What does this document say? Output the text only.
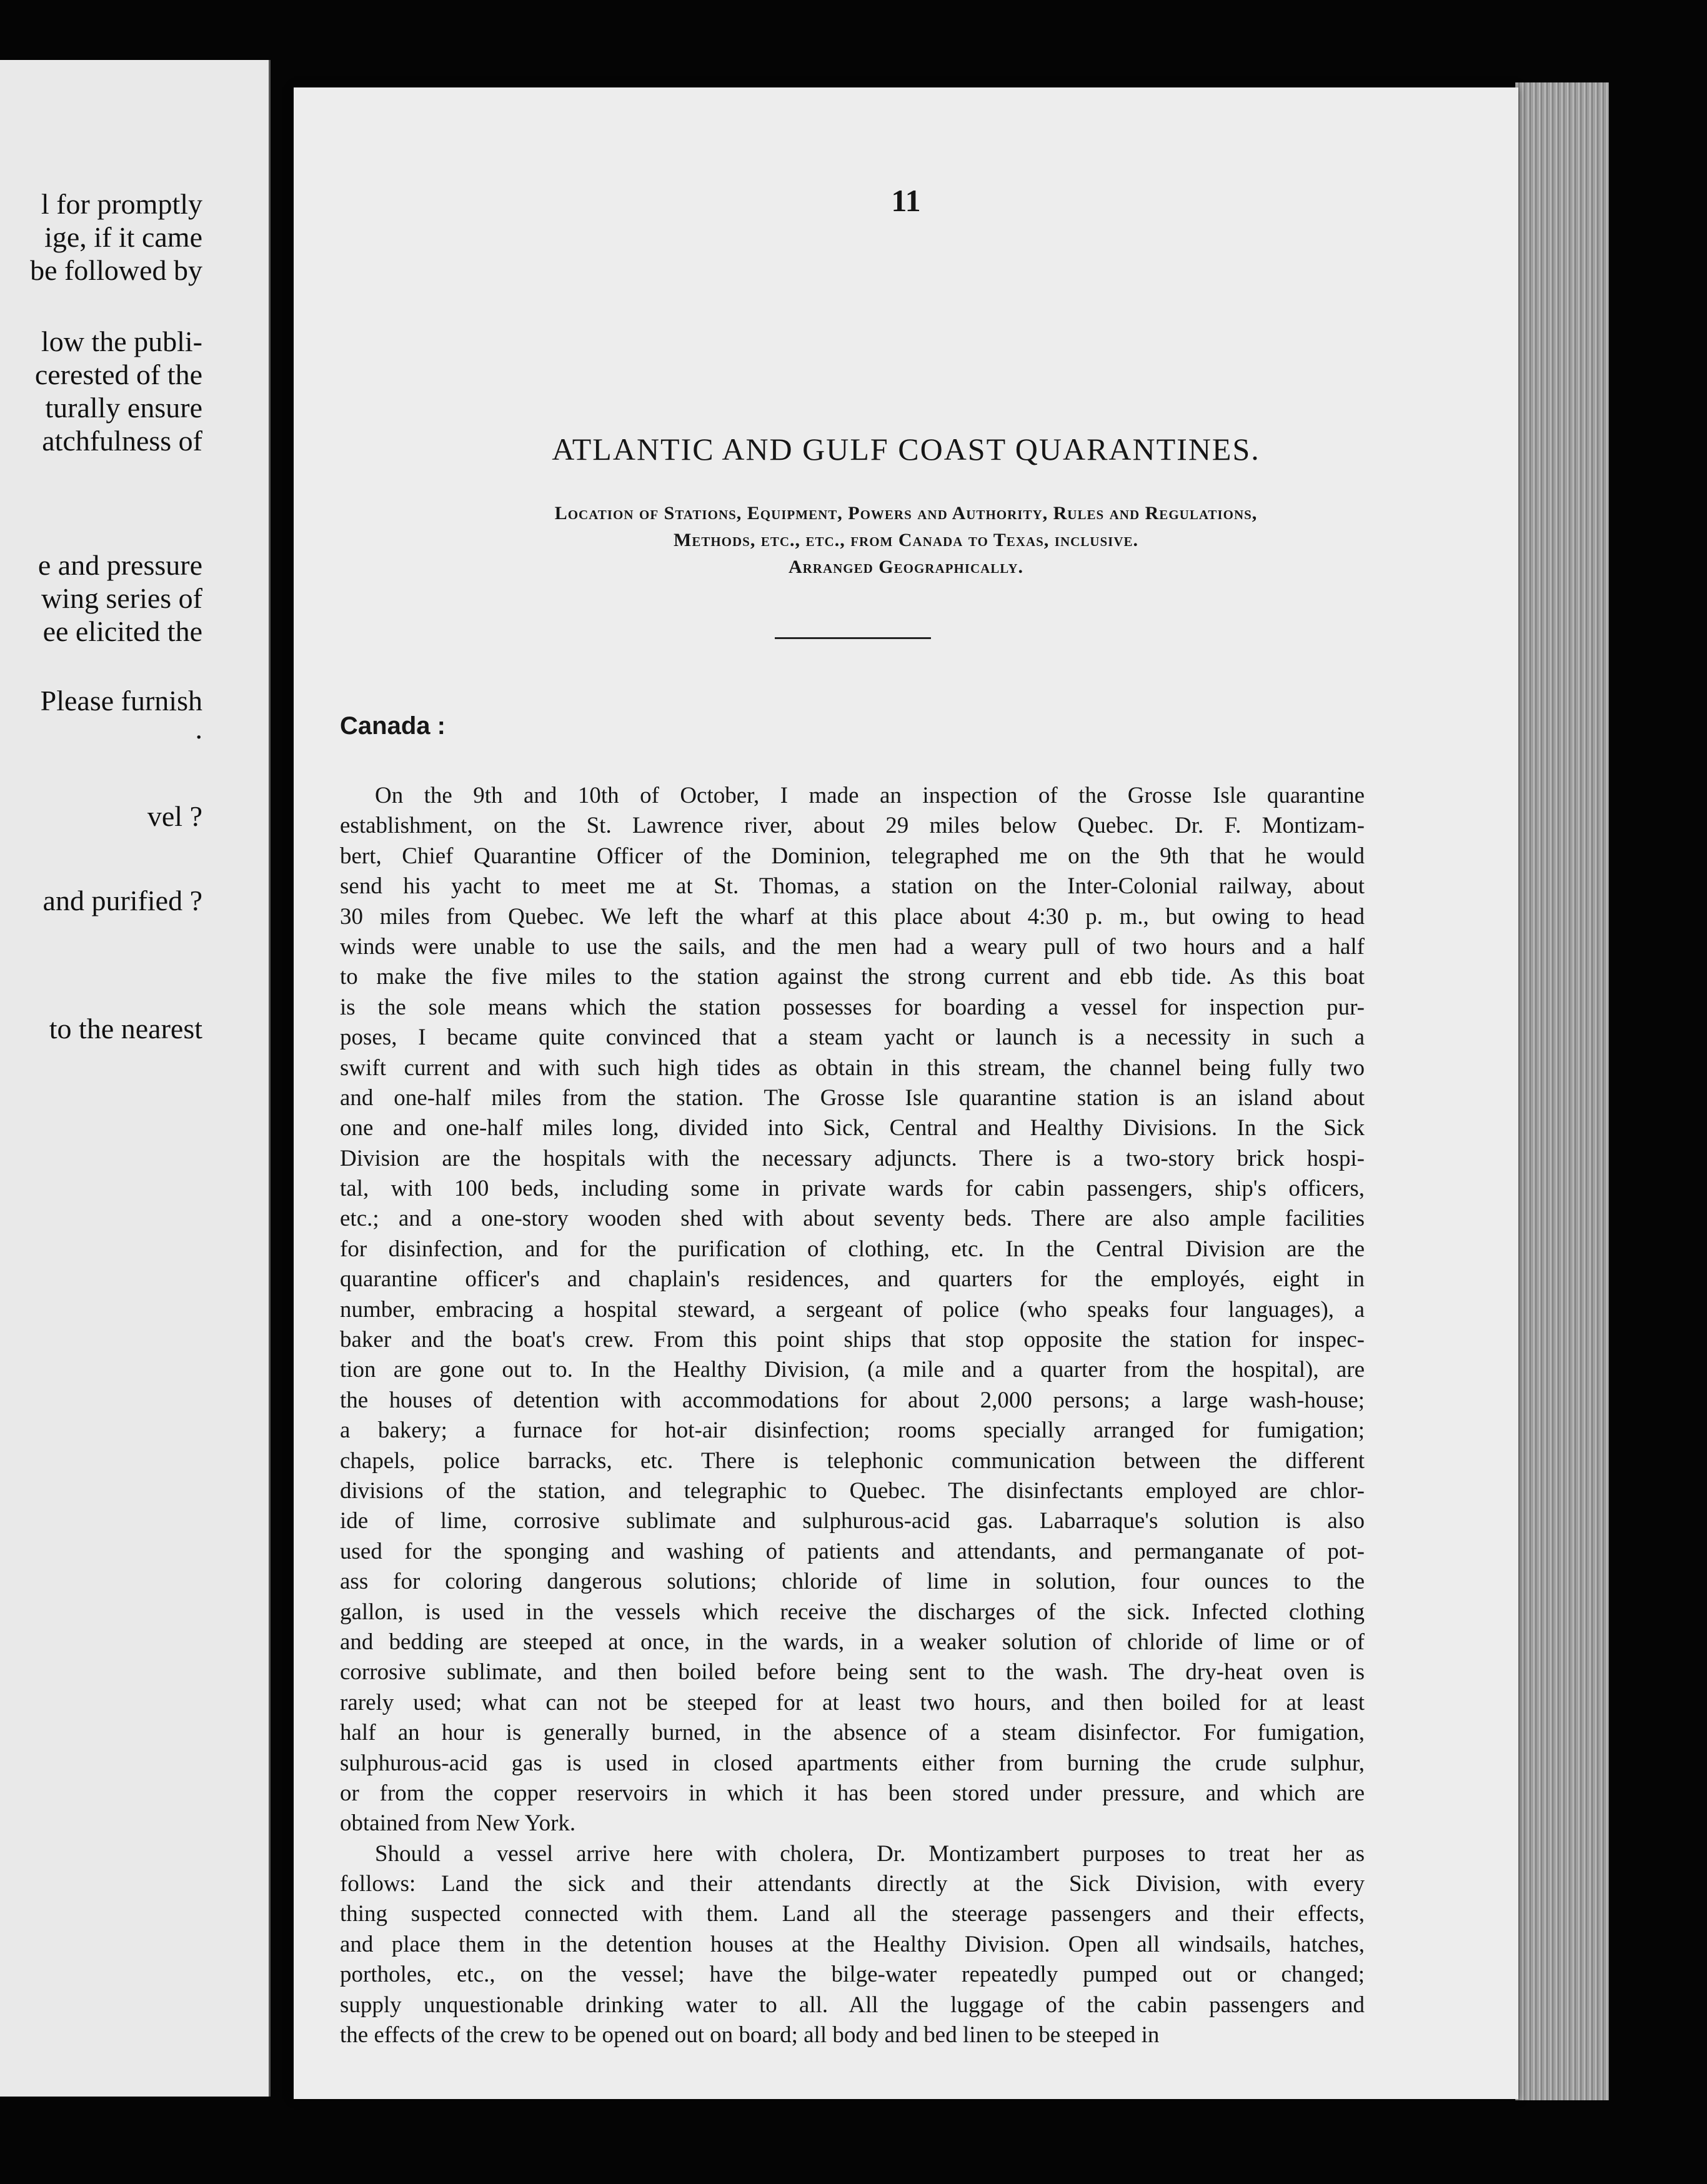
l for promptly
ige, if it came
be followed by
low the publi-
cerested of the
turally ensure
atchfulness of
e and pressure
wing series of
ee elicited the
Please furnish
.
vel ?
and purified ?
to the nearest
11
ATLANTIC AND GULF COAST QUARANTINES.
Location of Stations, Equipment, Powers and Authority, Rules and Regulations,
Methods, etc., etc., from Canada to Texas, inclusive.
Arranged Geographically.
Canada :
On the 9th and 10th of October, I made an inspection of the Grosse Isle quarantine
establishment, on the St. Lawrence river, about 29 miles below Quebec. Dr. F. Montizam-
bert, Chief Quarantine Officer of the Dominion, telegraphed me on the 9th that he would
send his yacht to meet me at St. Thomas, a station on the Inter-Colonial railway, about
30 miles from Quebec. We left the wharf at this place about 4:30 p. m., but owing to head
winds were unable to use the sails, and the men had a weary pull of two hours and a half
to make the five miles to the station against the strong current and ebb tide. As this boat
is the sole means which the station possesses for boarding a vessel for inspection pur-
poses, I became quite convinced that a steam yacht or launch is a necessity in such a
swift current and with such high tides as obtain in this stream, the channel being fully two
and one-half miles from the station. The Grosse Isle quarantine station is an island about
one and one-half miles long, divided into Sick, Central and Healthy Divisions. In the Sick
Division are the hospitals with the necessary adjuncts. There is a two-story brick hospi-
tal, with 100 beds, including some in private wards for cabin passengers, ship's officers,
etc.; and a one-story wooden shed with about seventy beds. There are also ample facilities
for disinfection, and for the purification of clothing, etc. In the Central Division are the
quarantine officer's and chaplain's residences, and quarters for the employés, eight in
number, embracing a hospital steward, a sergeant of police (who speaks four languages), a
baker and the boat's crew. From this point ships that stop opposite the station for inspec-
tion are gone out to. In the Healthy Division, (a mile and a quarter from the hospital), are
the houses of detention with accommodations for about 2,000 persons; a large wash-house;
a bakery; a furnace for hot-air disinfection; rooms specially arranged for fumigation;
chapels, police barracks, etc. There is telephonic communication between the different
divisions of the station, and telegraphic to Quebec. The disinfectants employed are chlor-
ide of lime, corrosive sublimate and sulphurous-acid gas. Labarraque's solution is also
used for the sponging and washing of patients and attendants, and permanganate of pot-
ass for coloring dangerous solutions; chloride of lime in solution, four ounces to the
gallon, is used in the vessels which receive the discharges of the sick. Infected clothing
and bedding are steeped at once, in the wards, in a weaker solution of chloride of lime or of
corrosive sublimate, and then boiled before being sent to the wash. The dry-heat oven is
rarely used; what can not be steeped for at least two hours, and then boiled for at least
half an hour is generally burned, in the absence of a steam disinfector. For fumigation,
sulphurous-acid gas is used in closed apartments either from burning the crude sulphur,
or from the copper reservoirs in which it has been stored under pressure, and which are
obtained from New York.
Should a vessel arrive here with cholera, Dr. Montizambert purposes to treat her as
follows: Land the sick and their attendants directly at the Sick Division, with every
thing suspected connected with them. Land all the steerage passengers and their effects,
and place them in the detention houses at the Healthy Division. Open all windsails, hatches,
portholes, etc., on the vessel; have the bilge-water repeatedly pumped out or changed;
supply unquestionable drinking water to all. All the luggage of the cabin passengers and
the effects of the crew to be opened out on board; all body and bed linen to be steeped in
